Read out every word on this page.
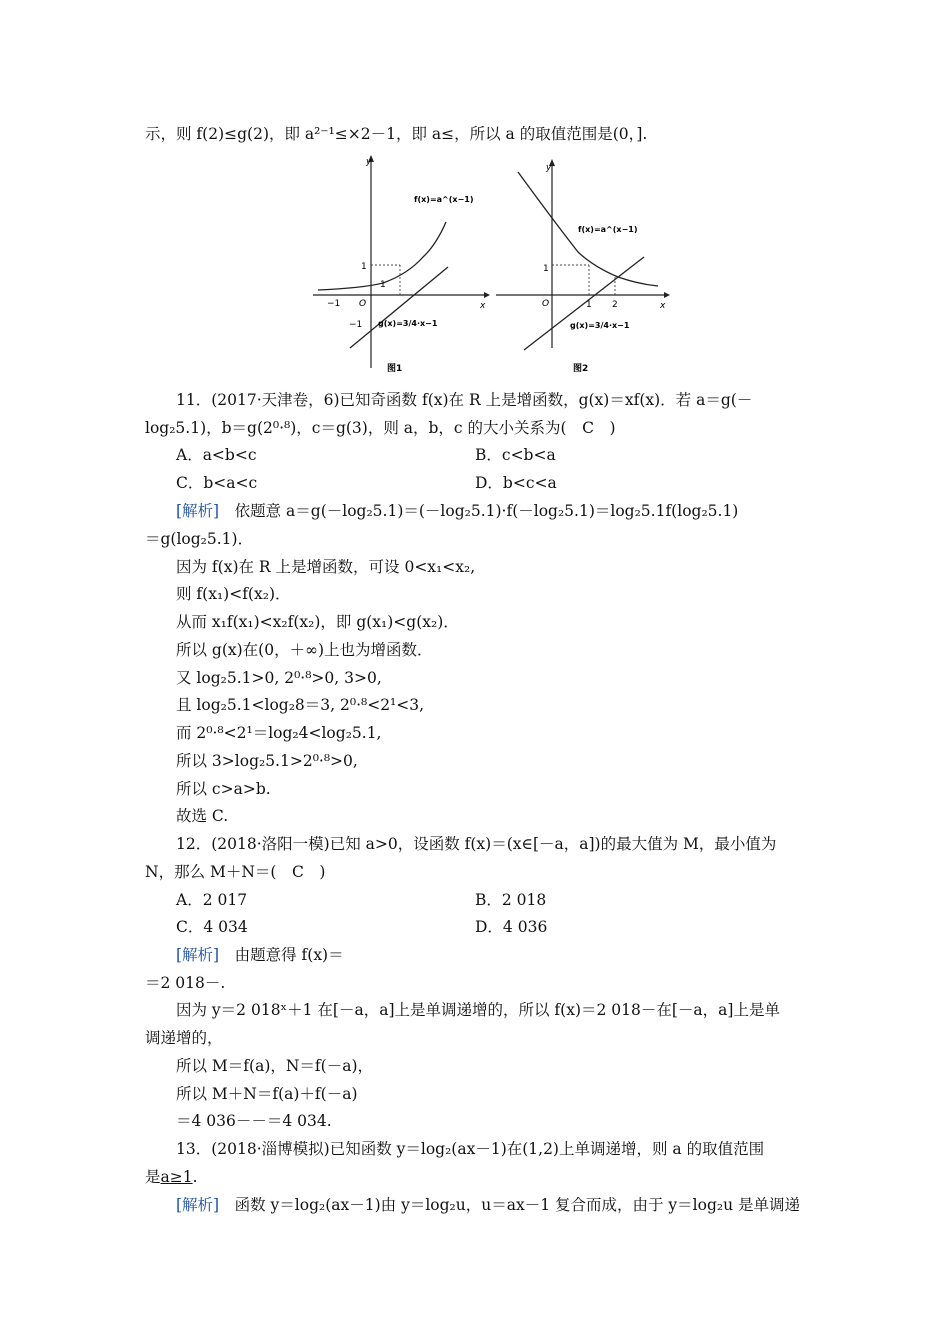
示，则 f(2)≤g(2)，即 a²⁻¹≤×2－1，即 a≤，所以 a 的取值范围是(0，].
y
x
O
1
1
−1
−1
f(x)=a^(x−1)
g(x)=3/4·x−1
图1
y
x
O
1
1 2
f(x)=a^(x−1)
g(x)=3/4·x−1
图2
11．(2017·天津卷，6)已知奇函数 f(x)在 R 上是增函数，g(x)＝xf(x)．若 a＝g(－
log₂5.1)，b＝g(2⁰·⁸)，c＝g(3)，则 a，b，c 的大小关系为(　C　)
A．a<b<c	B．c<b<a
C．b<a<c	D．b<c<a
[解析]　依题意 a＝g(－log₂5.1)＝(－log₂5.1)·f(－log₂5.1)＝log₂5.1f(log₂5.1)
＝g(log₂5.1)．
因为 f(x)在 R 上是增函数，可设 0<x₁<x₂,
则 f(x₁)<f(x₂)．
从而 x₁f(x₁)<x₂f(x₂)，即 g(x₁)<g(x₂)．
所以 g(x)在(0，＋∞)上也为增函数．
又 log₂5.1>0, 2⁰·⁸>0, 3>0,
且 log₂5.1<log₂8＝3, 2⁰·⁸<2¹<3,
而 2⁰·⁸<2¹＝log₂4<log₂5.1,
所以 3>log₂5.1>2⁰·⁸>0,
所以 c>a>b.
故选 C.
12．(2018·洛阳一模)已知 a>0，设函数 f(x)＝(x∈[－a，a])的最大值为 M，最小值为
N，那么 M＋N＝(　C　)
A．2 017	B．2 018
C．4 034	D．4 036
[解析]　由题意得 f(x)＝
＝2 018－.
因为 y＝2 018ˣ＋1 在[－a，a]上是单调递增的，所以 f(x)＝2 018－在[－a，a]上是单
调递增的，
所以 M＝f(a)，N＝f(－a)，
所以 M＋N＝f(a)＋f(－a)
＝4 036－－＝4 034.
13．(2018·淄博模拟)已知函数 y＝log₂(ax－1)在(1,2)上单调递增，则 a 的取值范围
是a≥1.
[解析]　函数 y＝log₂(ax－1)由 y＝log₂u，u＝ax－1 复合而成，由于 y＝log₂u 是单调递
